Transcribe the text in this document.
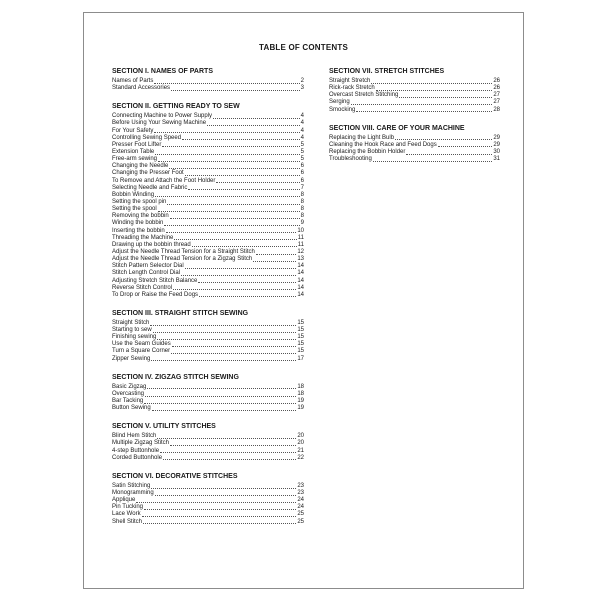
TABLE OF CONTENTS
SECTION I. NAMES OF PARTS
Names of Parts	2
Standard Accessories	3
SECTION II. GETTING READY TO SEW
Connecting Machine to Power Supply	4
Before Using Your Sewing Machine	4
For Your Safety	4
Controlling Sewing Speed	4
Presser Foot Lifter	5
Extension Table	5
Free-arm sewing	5
Changing the Needle	6
Changing the Presser Foot	6
To Remove and Attach the Foot Holder	6
Selecting Needle and Fabric	7
Bobbin Winding	8
Setting the spool pin	8
Setting the spool	8
Removing the bobbin	8
Winding the bobbin	9
Inserting the bobbin	10
Threading the Machine	11
Drawing up the bobbin thread	11
Adjust the Needle Thread Tension for a Straight Stitch	12
Adjust the Needle Thread Tension for a Zigzag Stitch	13
Stitch Pattern Selector Dial	14
Stitch Length Control Dial	14
Adjusting Stretch Stitch Balance	14
Reverse Stitch Control	14
To Drop or Raise the Feed Dogs	14
SECTION III. STRAIGHT STITCH SEWING
Straight Stitch	15
Starting to sew	15
Finishing sewing	15
Use the Seam Guides	15
Turn a Square Corner	15
Zipper Sewing	17
SECTION IV. ZIGZAG STITCH SEWING
Basic Zigzag	18
Overcasting	18
Bar Tacking	19
Button Sewing	19
SECTION V. UTILITY STITCHES
Blind Hem Stitch	20
Multiple Zigzag Stitch	20
4-step Buttonhole	21
Corded Buttonhole	22
SECTION VI. DECORATIVE STITCHES
Satin Stitching	23
Monogramming	23
Applique	24
Pin Tucking	24
Lace Work	25
Shell Stitch	25
SECTION VII. STRETCH STITCHES
Straight Stretch	26
Rick-rack Stretch	26
Overcast Stretch Stitching	27
Serging	27
Smocking	28
SECTION VIII. CARE OF YOUR MACHINE
Replacing the Light Bulb	29
Cleaning the Hook Race and Feed Dogs	29
Replacing the Bobbin Holder	30
Troubleshooting	31
